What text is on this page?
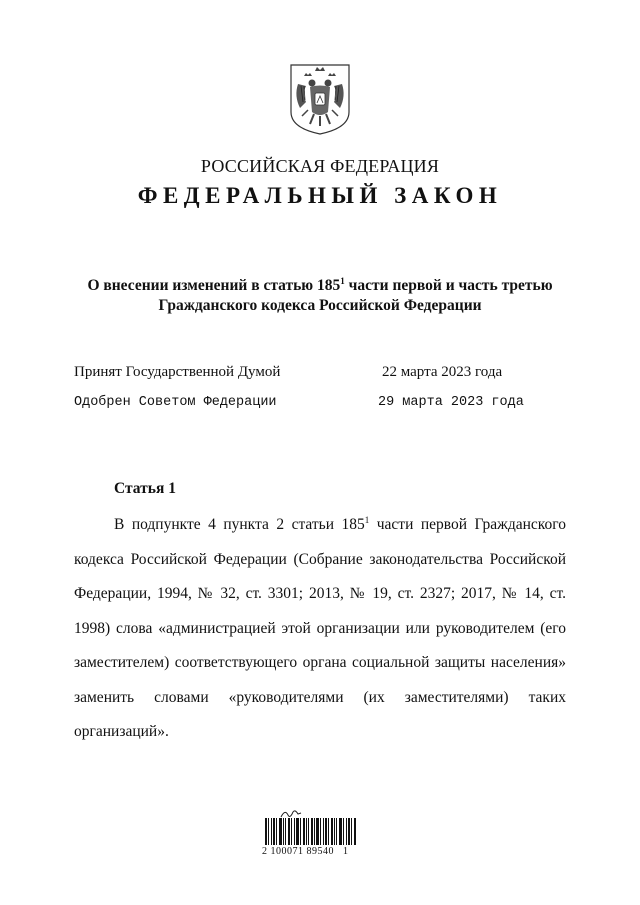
РОССИЙСКАЯ ФЕДЕРАЦИЯ
ФЕДЕРАЛЬНЫЙ ЗАКОН
О внесении изменений в статью $185^1$ части первой и часть третью
Гражданского кодекса Российской Федерации
Принят Государственной Думой	22 марта 2023 года
Одобрен Советом Федерации	29 марта 2023 года
Статья 1
В подпункте 4 пункта 2 статьи $185^1$ части первой Гражданского кодекса Российской Федерации (Собрание законодательства Российской Федерации, 1994, № 32, ст. 3301; 2013, № 19, ст. 2327; 2017, № 14, ст. 1998) слова «администрацией этой организации или руководителем (его заместителем) соответствующего органа социальной защиты населения» заменить словами «руководителями (их заместителями) таких организаций».
2 100071 89540   1
